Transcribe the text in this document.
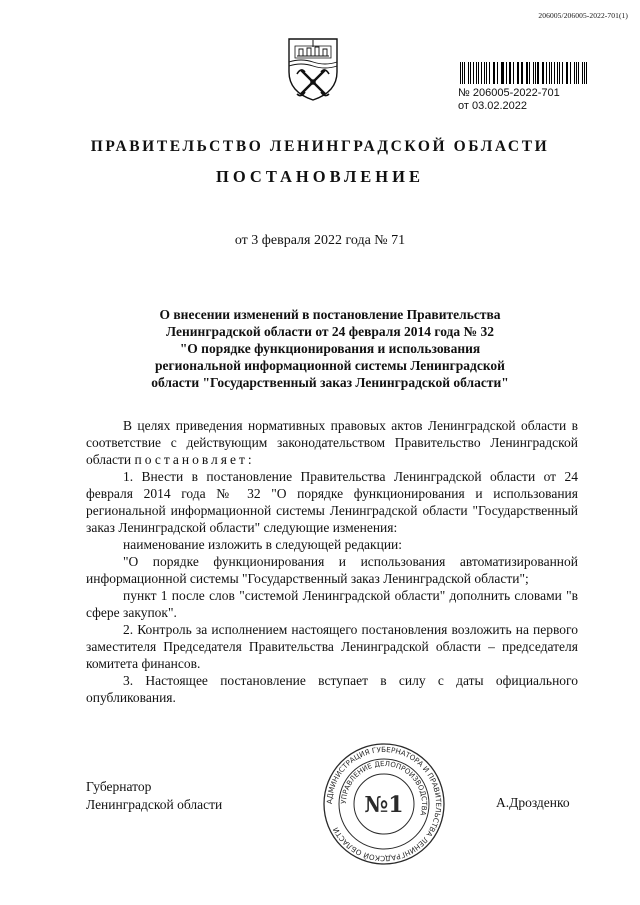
206005/206005-2022-701(1)
№ 206005-2022-701
от 03.02.2022
ПРАВИТЕЛЬСТВО ЛЕНИНГРАДСКОЙ ОБЛАСТИ
ПОСТАНОВЛЕНИЕ
от 3 февраля 2022 года № 71
О внесении изменений в постановление Правительства
Ленинградской области от 24 февраля 2014 года № 32
"О порядке функционирования и использования
региональной информационной системы Ленинградской
области "Государственный заказ Ленинградской области"

В целях приведения нормативных правовых актов Ленинградской области в соответствие с действующим законодательством Правительство Ленинградской области постановляет:

1. Внести в постановление Правительства Ленинградской области от 24 февраля 2014 года № 32 "О порядке функционирования и использования региональной информационной системы Ленинградской области "Государственный заказ Ленинградской области" следующие изменения:

наименование изложить в следующей редакции:

"О порядке функционирования и использования автоматизированной информационной системы "Государственный заказ Ленинградской области";

пункт 1 после слов "системой Ленинградской области" дополнить словами "в сфере закупок".

2. Контроль за исполнением настоящего постановления возложить на первого заместителя Председателя Правительства Ленинградской области – председателя комитета финансов.

3. Настоящее постановление вступает в силу с даты официального опубликования.

Губернатор
Ленинградской области	А.Дрозденко
АДМИНИСТРАЦИЯ ГУБЕРНАТОРА И ПРАВИТЕЛЬСТВА ЛЕНИНГРАДСКОЙ ОБЛАСТИ
УПРАВЛЕНИЕ ДЕЛОПРОИЗВОДСТВА
№1
